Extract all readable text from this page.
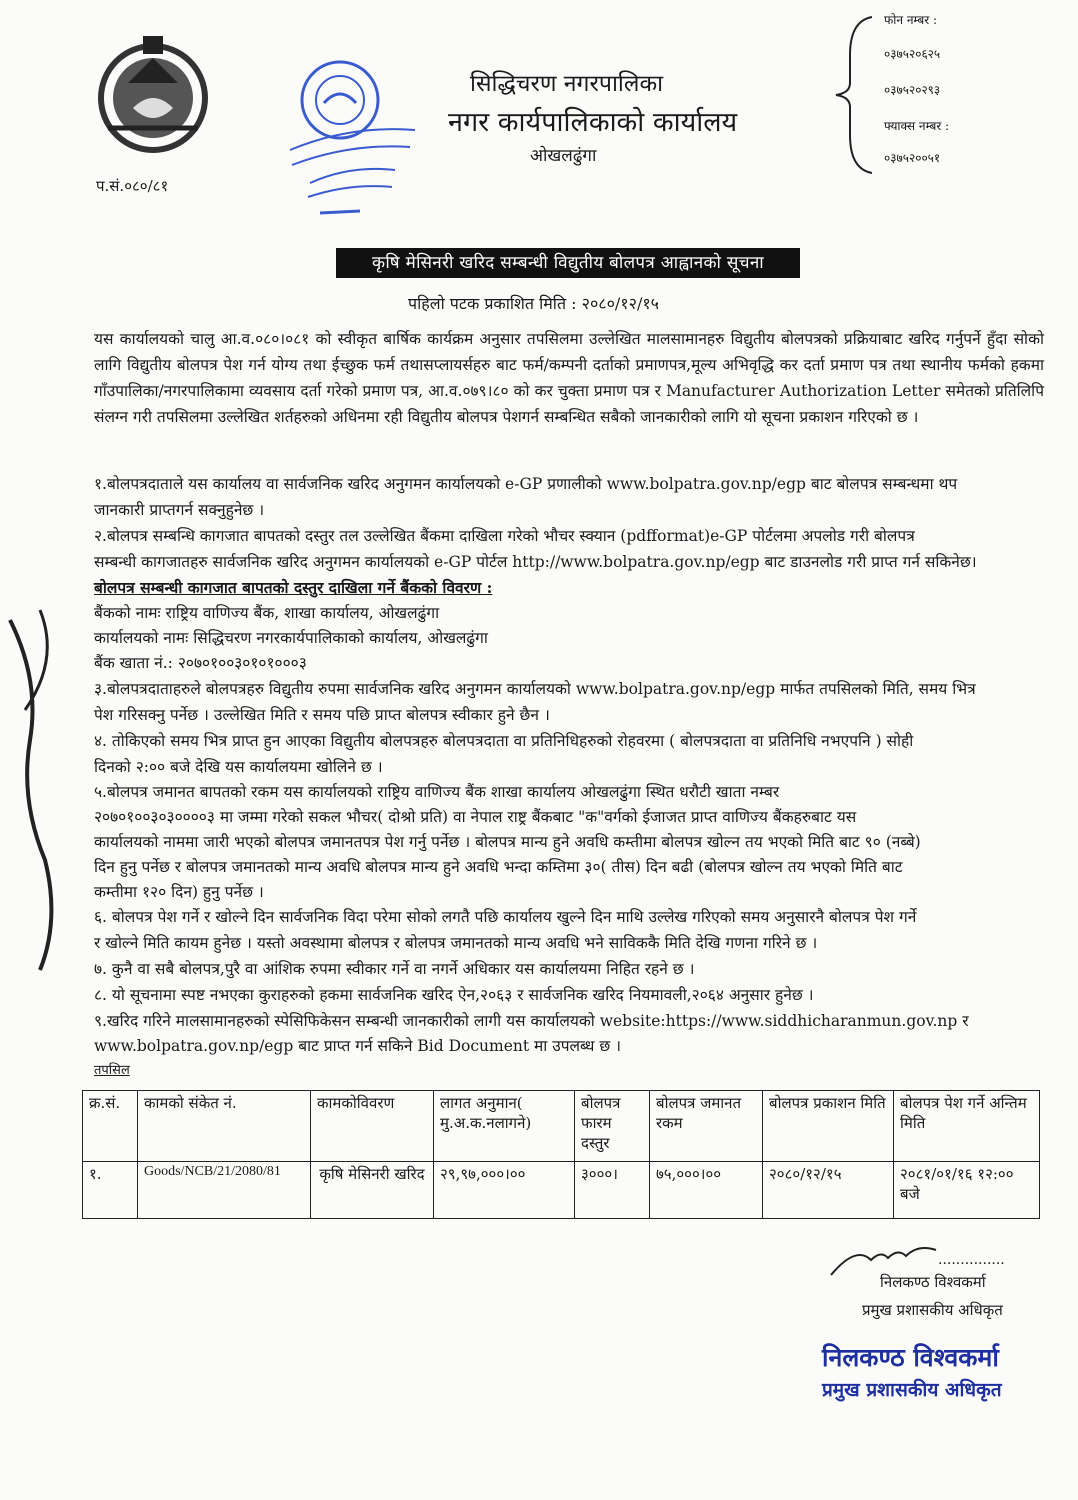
सिद्धिचरण नगरपालिका
नगर कार्यपालिकाको कार्यालय
ओखलढुंगा
फोन नम्बर :
०३७५२०६२५
०३७५२०२९३
फ्याक्स नम्बर :
०३७५२००५१
प.सं.०८०/८१
कृषि मेसिनरी खरिद सम्बन्धी विद्युतीय बोलपत्र आह्वानको सूचना
पहिलो पटक प्रकाशित मिति : २०८०/१२/१५
यस कार्यालयको चालु आ.व.०८०।०८१ को स्वीकृत बार्षिक कार्यक्रम अनुसार तपसिलमा उल्लेखित मालसामानहरु विद्युतीय बोलपत्रको प्रक्रियाबाट खरिद गर्नुपर्ने हुँदा सोको लागि विद्युतीय बोलपत्र पेश गर्न योग्य तथा ईच्छुक फर्म तथासप्लायर्सहरु बाट फर्म/कम्पनी दर्ताको प्रमाणपत्र,मूल्य अभिवृद्धि कर दर्ता प्रमाण पत्र तथा स्थानीय फर्मको हकमा गाँउपालिका/नगरपालिकामा व्यवसाय दर्ता गरेको प्रमाण पत्र, आ.व.०७९।८० को कर चुक्ता प्रमाण पत्र र Manufacturer Authorization Letter समेतको प्रतिलिपि संलग्न गरी तपसिलमा उल्लेखित शर्तहरुको अधिनमा रही विद्युतीय बोलपत्र पेशगर्न सम्बन्धित सबैको जानकारीको लागि यो सूचना प्रकाशन गरिएको छ ।
१.बोलपत्रदाताले यस कार्यालय वा सार्वजनिक खरिद अनुगमन कार्यालयको e-GP प्रणालीको www.bolpatra.gov.np/egp बाट बोलपत्र सम्बन्धमा थप
जानकारी प्राप्तगर्न सक्नुहुनेछ ।
२.बोलपत्र सम्बन्धि कागजात बापतको दस्तुर तल उल्लेखित बैंकमा दाखिला गरेको भौचर स्क्यान (pdfformat)e-GP पोर्टलमा अपलोड गरी बोलपत्र
सम्बन्धी कागजातहरु सार्वजनिक खरिद अनुगमन कार्यालयको e-GP पोर्टल http://www.bolpatra.gov.np/egp बाट डाउनलोड गरी प्राप्त गर्न सकिनेछ।
बोलपत्र सम्बन्धी कागजात बापतको दस्तुर दाखिला गर्ने बैंकको विवरण :
बैंकको नामः राष्ट्रिय वाणिज्य बैंक, शाखा कार्यालय, ओखलढुंगा
कार्यालयको नामः सिद्धिचरण नगरकार्यपालिकाको कार्यालय, ओखलढुंगा
बैंक खाता नं.: २०७०१००३०१०१०००३
३.बोलपत्रदाताहरुले बोलपत्रहरु विद्युतीय रुपमा सार्वजनिक खरिद अनुगमन कार्यालयको www.bolpatra.gov.np/egp मार्फत तपसिलको मिति, समय भित्र
पेश गरिसक्नु पर्नेछ । उल्लेखित मिति र समय पछि प्राप्त बोलपत्र स्वीकार हुने छैन ।
४. तोकिएको समय भित्र प्राप्त हुन आएका विद्युतीय बोलपत्रहरु बोलपत्रदाता वा प्रतिनिधिहरुको रोहवरमा ( बोलपत्रदाता वा प्रतिनिधि नभएपनि ) सोही
दिनको २:०० बजे देखि यस कार्यालयमा खोलिने छ ।
५.बोलपत्र जमानत बापतको रकम यस कार्यालयको राष्ट्रिय वाणिज्य बैंक शाखा कार्यालय ओखलढुंगा स्थित धरौटी खाता नम्बर
२०७०१००३०३००००३ मा जम्मा गरेको सकल भौचर( दोश्रो प्रति) वा नेपाल राष्ट्र बैंकबाट "क"वर्गको ईजाजत प्राप्त वाणिज्य बैंकहरुबाट यस
कार्यालयको नाममा जारी भएको बोलपत्र जमानतपत्र पेश गर्नु पर्नेछ । बोलपत्र मान्य हुने अवधि कम्तीमा बोलपत्र खोल्न तय भएको मिति बाट ९० (नब्बे)
दिन हुनु पर्नेछ र बोलपत्र जमानतको मान्य अवधि बोलपत्र मान्य हुने अवधि भन्दा कम्तिमा ३०( तीस) दिन बढी (बोलपत्र खोल्न तय भएको मिति बाट
कम्तीमा १२० दिन) हुनु पर्नेछ ।
६. बोलपत्र पेश गर्ने र खोल्ने दिन सार्वजनिक विदा परेमा सोको लगतै पछि कार्यालय खुल्ने दिन माथि उल्लेख गरिएको समय अनुसारनै बोलपत्र पेश गर्ने
र खोल्ने मिति कायम हुनेछ । यस्तो अवस्थामा बोलपत्र र बोलपत्र जमानतको मान्य अवधि भने साविककै मिति देखि गणना गरिने छ ।
७. कुनै वा सबै बोलपत्र,पुरै वा आंशिक रुपमा स्वीकार गर्ने वा नगर्ने अधिकार यस कार्यालयमा निहित रहने छ ।
८. यो सूचनामा स्पष्ट नभएका कुराहरुको हकमा सार्वजनिक खरिद ऐन,२०६३ र सार्वजनिक खरिद नियमावली,२०६४ अनुसार हुनेछ ।
९.खरिद गरिने मालसामानहरुको स्पेसिफिकेसन सम्बन्धी जानकारीको लागी यस कार्यालयको website:https://www.siddhicharanmun.gov.np र
www.bolpatra.gov.np/egp बाट प्राप्त गर्न सकिने Bid Document मा उपलब्ध छ ।
तपसिल
क्र.सं.	कामको संकेत नं.	कामकोविवरण	लागत अनुमान( मु.अ.क.नलागने)	बोलपत्र फारम दस्तुर	बोलपत्र जमानत रकम	बोलपत्र प्रकाशन मिति	बोलपत्र पेश गर्ने अन्तिम मिति
१.	Goods/NCB/21/2080/81	कृषि मेसिनरी खरिद	२९,९७,०००।००	३०००।	७५,०००।००	२०८०/१२/१५	२०८१/०१/१६ १२:०० बजे
...............
निलकण्ठ विश्वकर्मा
प्रमुख प्रशासकीय अधिकृत
निलकण्ठ विश्वकर्मा
प्रमुख प्रशासकीय अधिकृत
